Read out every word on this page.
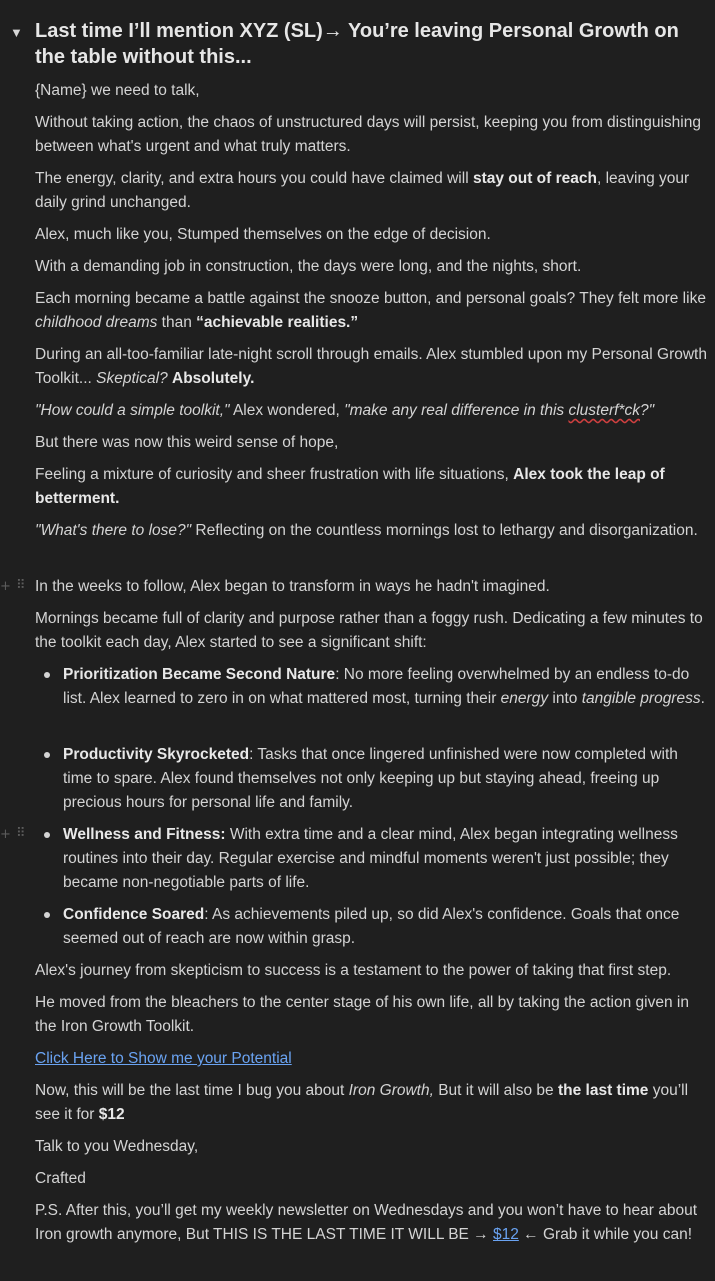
▼ Last time I’ll mention XYZ (SL)→ You’re leaving Personal Growth on the table without this...

{Name} we need to talk,

Without taking action, the chaos of unstructured days will persist, keeping you from distinguishing between what's urgent and what truly matters.

The energy, clarity, and extra hours you could have claimed will stay out of reach, leaving your daily grind unchanged.

Alex, much like you, Stumped themselves on the edge of decision.

With a demanding job in construction, the days were long, and the nights, short.

Each morning became a battle against the snooze button, and personal goals? They felt more like childhood dreams than “achievable realities.”

During an all-too-familiar late-night scroll through emails. Alex stumbled upon my Personal Growth Toolkit... Skeptical? Absolutely.

"How could a simple toolkit," Alex wondered, "make any real difference in this clusterf*ck?"

But there was now this weird sense of hope,

Feeling a mixture of curiosity and sheer frustration with life situations, Alex took the leap of betterment.

"What's there to lose?" Reflecting on the countless mornings lost to lethargy and disorganization.

+ ⠿ In the weeks to follow, Alex began to transform in ways he hadn't imagined.

Mornings became full of clarity and purpose rather than a foggy rush. Dedicating a few minutes to the toolkit each day, Alex started to see a significant shift:

Prioritization Became Second Nature: No more feeling overwhelmed by an endless to-do list. Alex learned to zero in on what mattered most, turning their energy into tangible progress.

Productivity Skyrocketed: Tasks that once lingered unfinished were now completed with time to spare. Alex found themselves not only keeping up but staying ahead, freeing up precious hours for personal life and family.

+ ⠿	Wellness and Fitness: With extra time and a clear mind, Alex began integrating wellness routines into their day. Regular exercise and mindful moments weren't just possible; they became non-negotiable parts of life.

Confidence Soared: As achievements piled up, so did Alex's confidence. Goals that once seemed out of reach are now within grasp.

Alex's journey from skepticism to success is a testament to the power of taking that first step.

He moved from the bleachers to the center stage of his own life, all by taking the action given in the Iron Growth Toolkit.

Click Here to Show me your Potential

Now, this will be the last time I bug you about Iron Growth, But it will also be the last time you’ll see it for $12

Talk to you Wednesday,

Crafted

P.S. After this, you’ll get my weekly newsletter on Wednesdays and you won’t have to hear about Iron growth anymore, But THIS IS THE LAST TIME IT WILL BE → $12 ← Grab it while you can!
